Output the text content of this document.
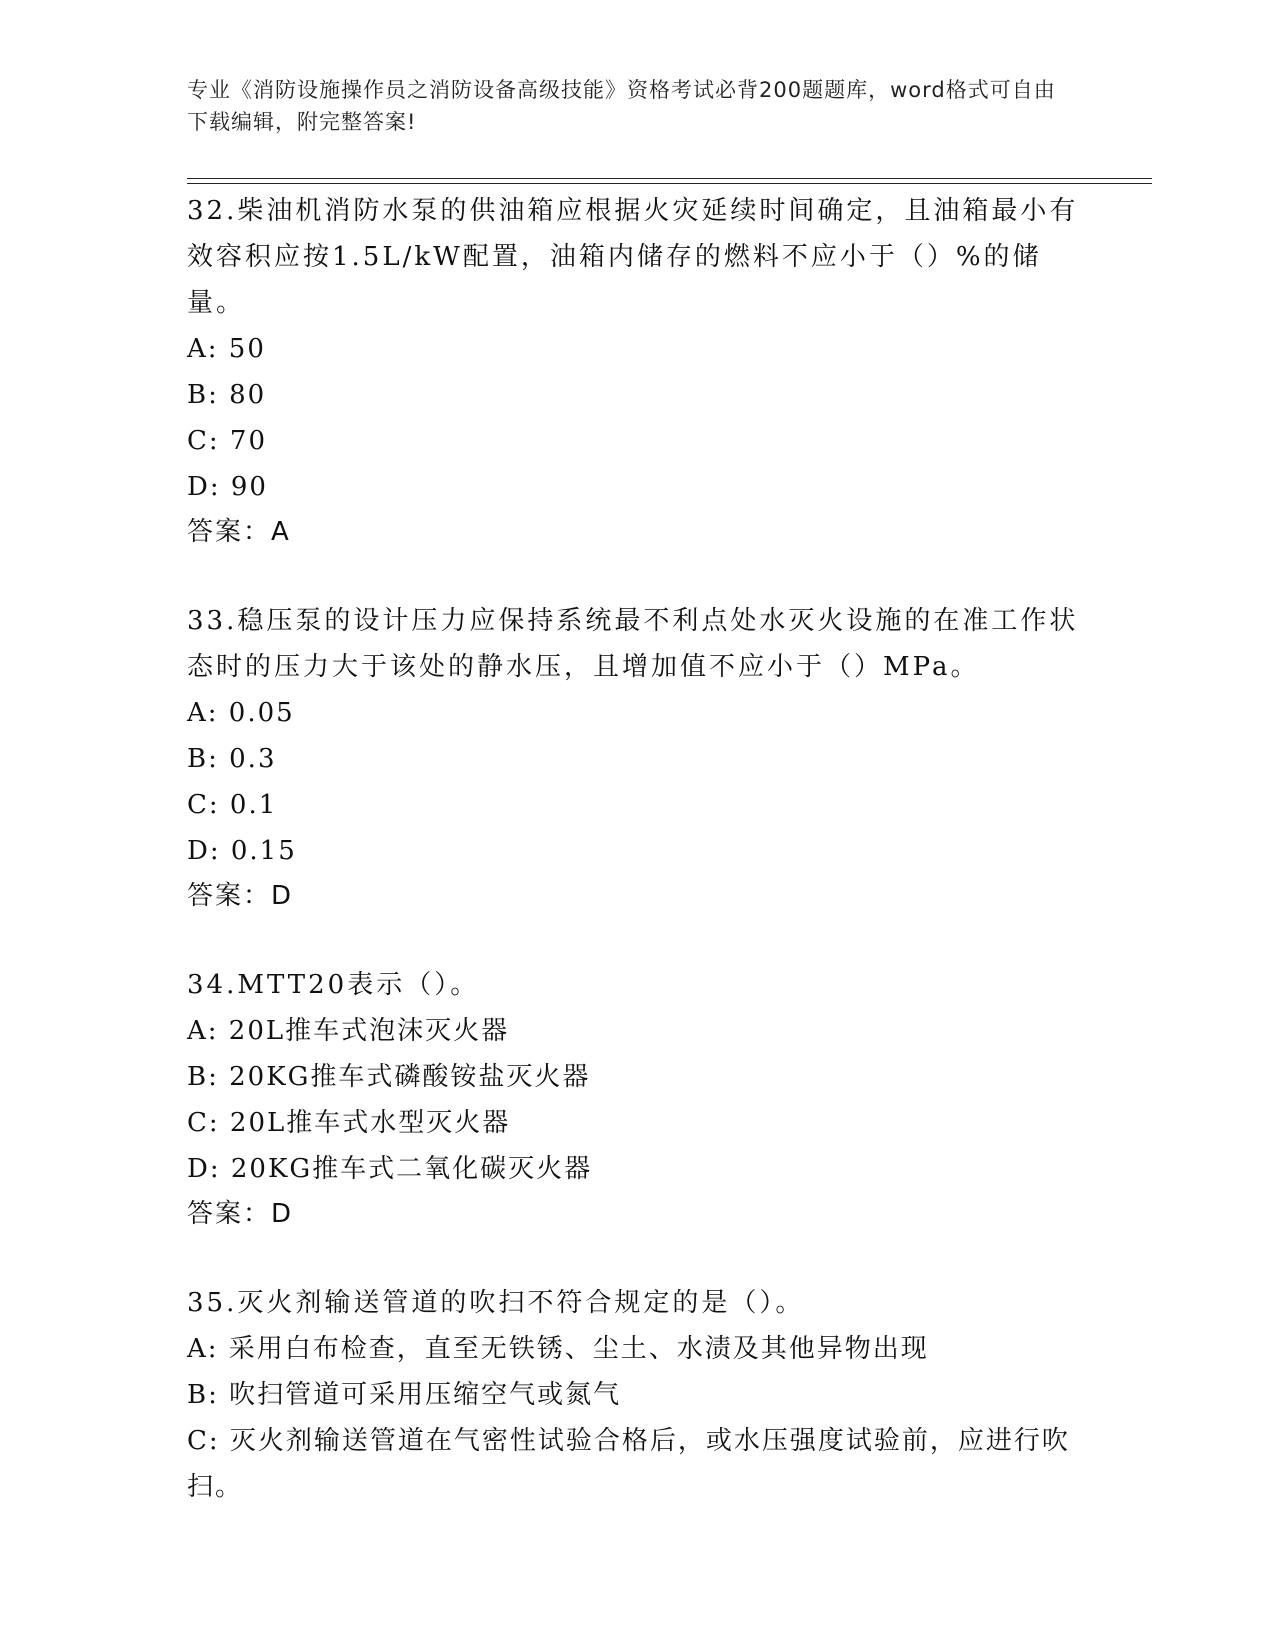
专业《消防设施操作员之消防设备高级技能》资格考试必背200题题库，word格式可自由下载编辑，附完整答案!

32.柴油机消防水泵的供油箱应根据火灾延续时间确定，且油箱最小有效容积应按1.5L/kW配置，油箱内储存的燃料不应小于（）%的储量。

A: 50

B: 80

C: 70

D: 90

答案：A

33.稳压泵的设计压力应保持系统最不利点处水灭火设施的在准工作状态时的压力大于该处的静水压，且增加值不应小于（）MPa。

A: 0.05

B: 0.3

C: 0.1

D: 0.15

答案：D

34.MTT20表示（）。

A: 20L推车式泡沫灭火器

B: 20KG推车式磷酸铵盐灭火器

C: 20L推车式水型灭火器

D: 20KG推车式二氧化碳灭火器

答案：D

35.灭火剂输送管道的吹扫不符合规定的是（）。

A: 采用白布检查，直至无铁锈、尘土、水渍及其他异物出现

B: 吹扫管道可采用压缩空气或氮气

C: 灭火剂输送管道在气密性试验合格后，或水压强度试验前，应进行吹扫。
